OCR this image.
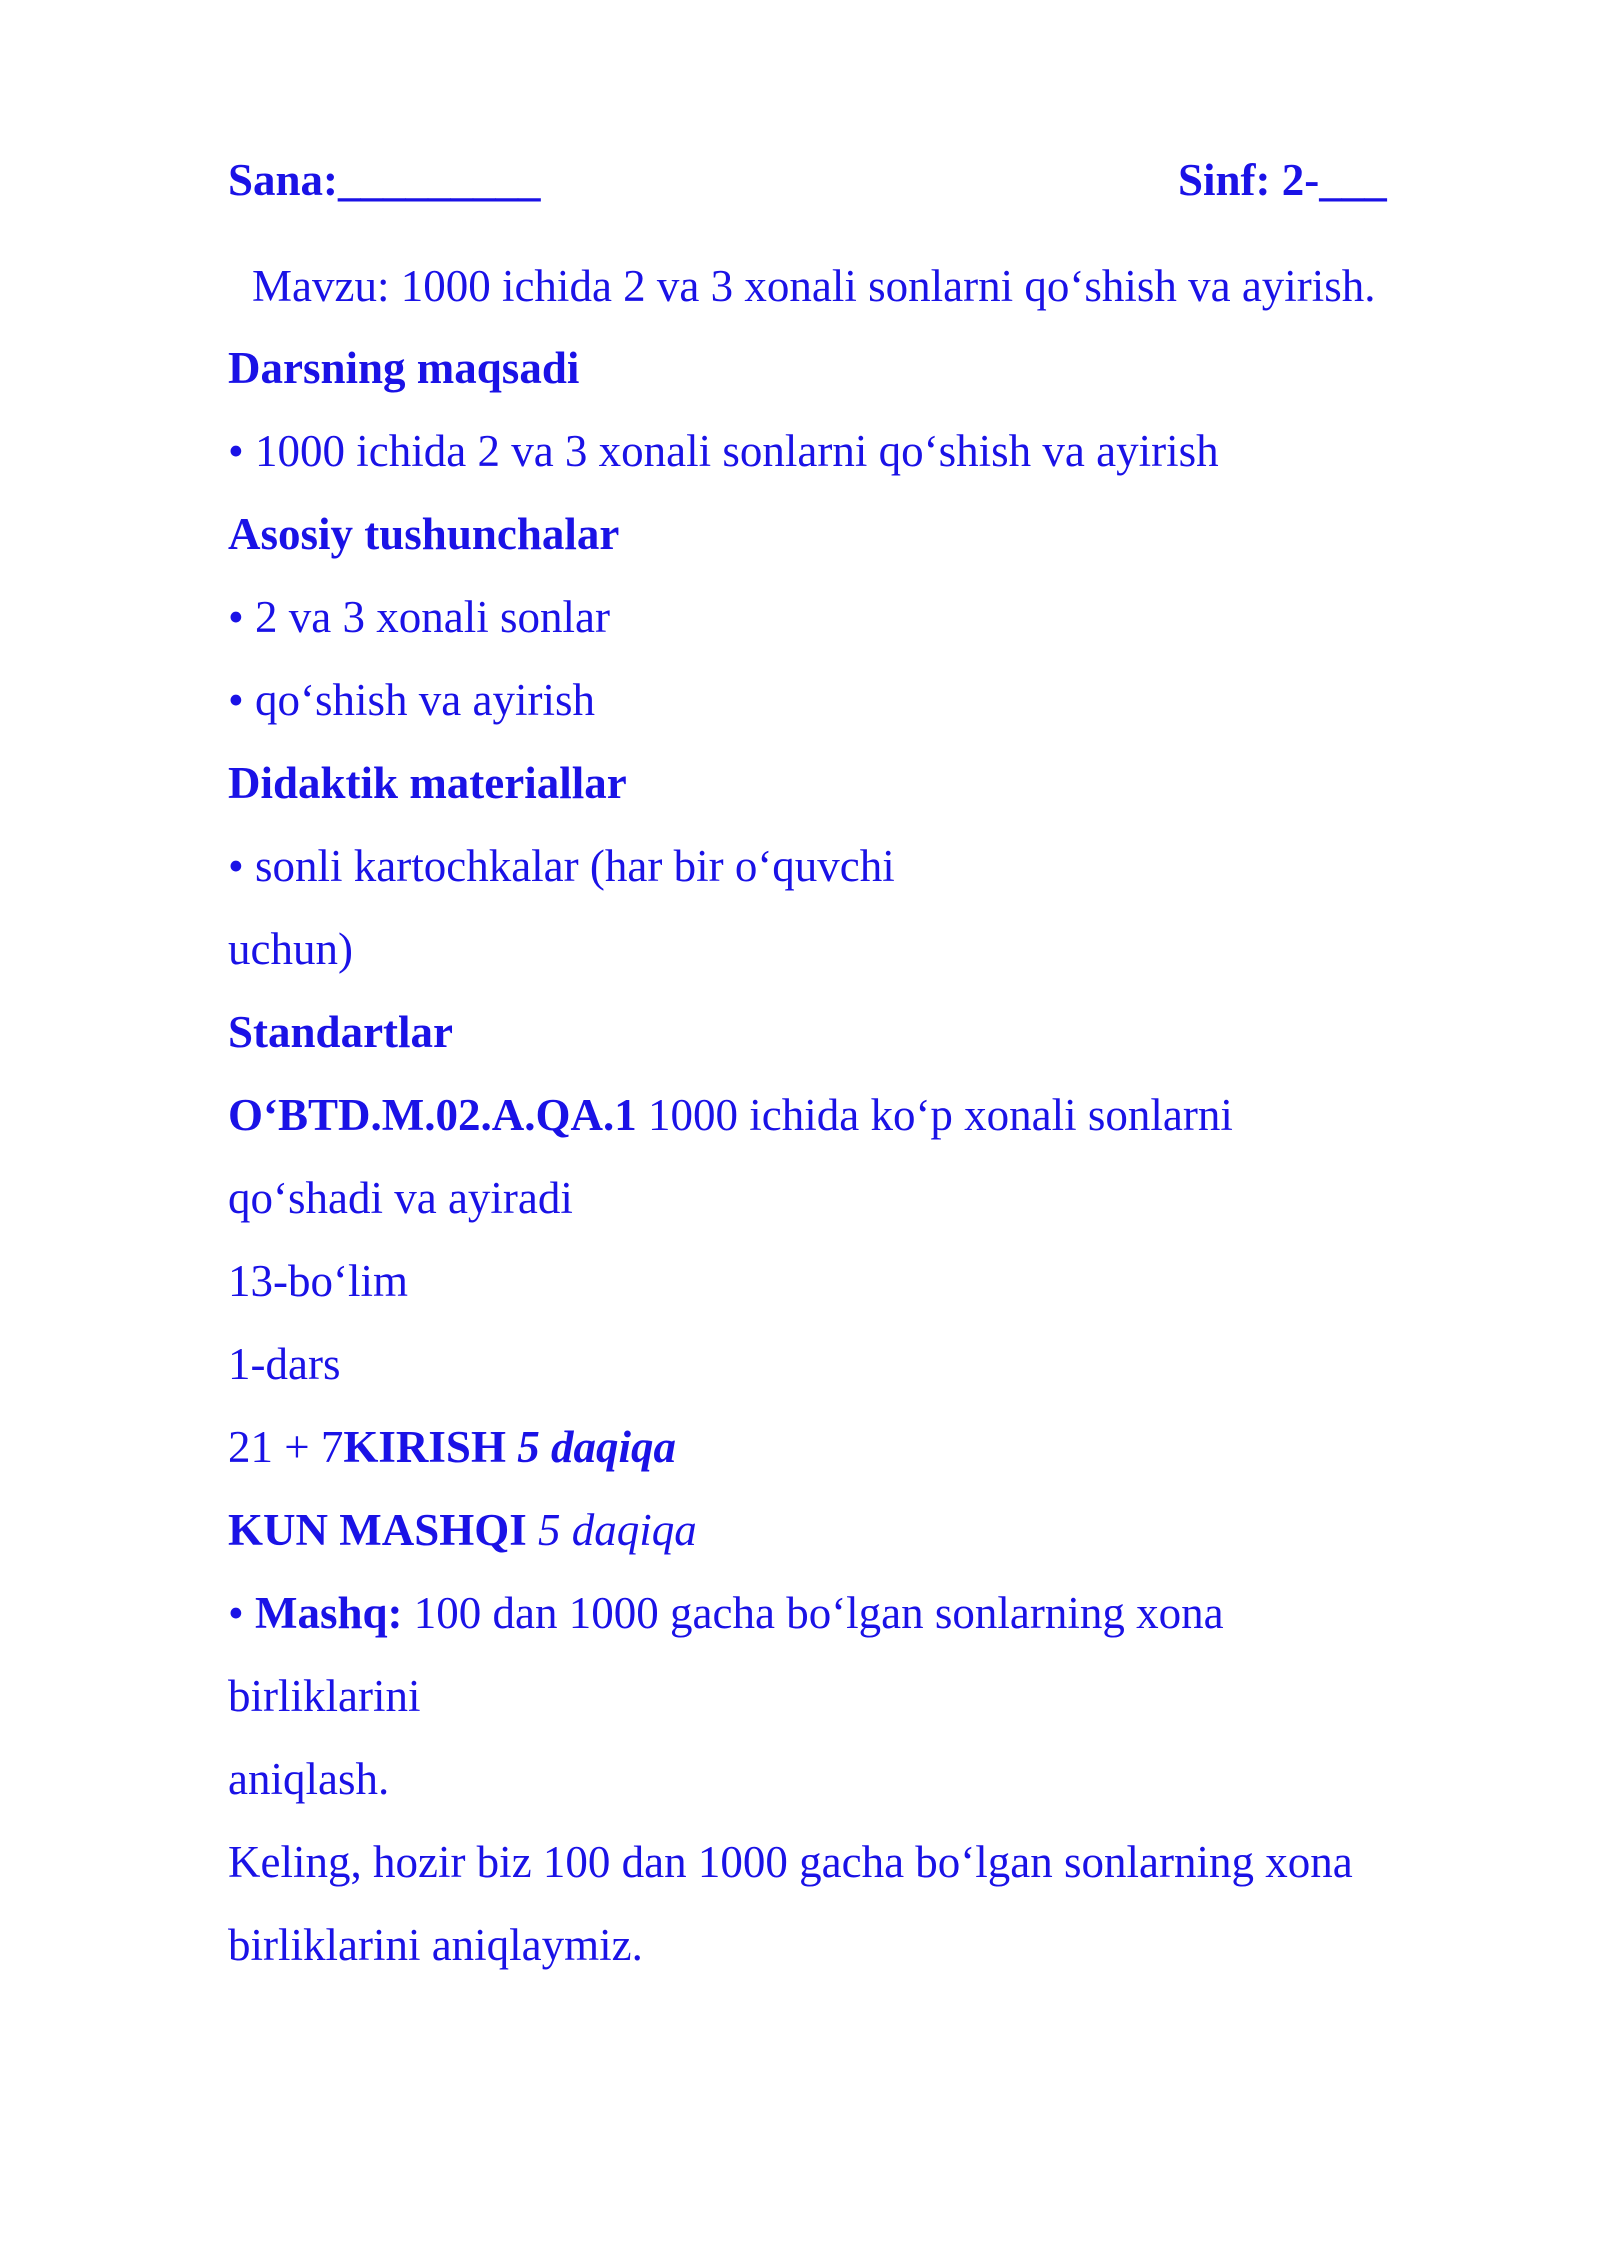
Sana:_________	Sinf: 2-___
Mavzu: 1000 ichida 2 va 3 xonali sonlarni qo‘shish va ayirish.
Darsning maqsadi
• 1000 ichida 2 va 3 xonali sonlarni qo‘shish va ayirish
Asosiy tushunchalar
• 2 va 3 xonali sonlar
• qo‘shish va ayirish
Didaktik materiallar
• sonli kartochkalar (har bir o‘quvchi
uchun)
Standartlar
O‘BTD.M.02.A.QA.1 1000 ichida ko‘p xonali sonlarni
qo‘shadi va ayiradi
13-bo‘lim
1-dars
21 + 7KIRISH 5 daqiqa
KUN MASHQI 5 daqiqa
• Mashq: 100 dan 1000 gacha bo‘lgan sonlarning xona
birliklarini
aniqlash.
Keling, hozir biz 100 dan 1000 gacha bo‘lgan sonlarning xona
birliklarini aniqlaymiz.
